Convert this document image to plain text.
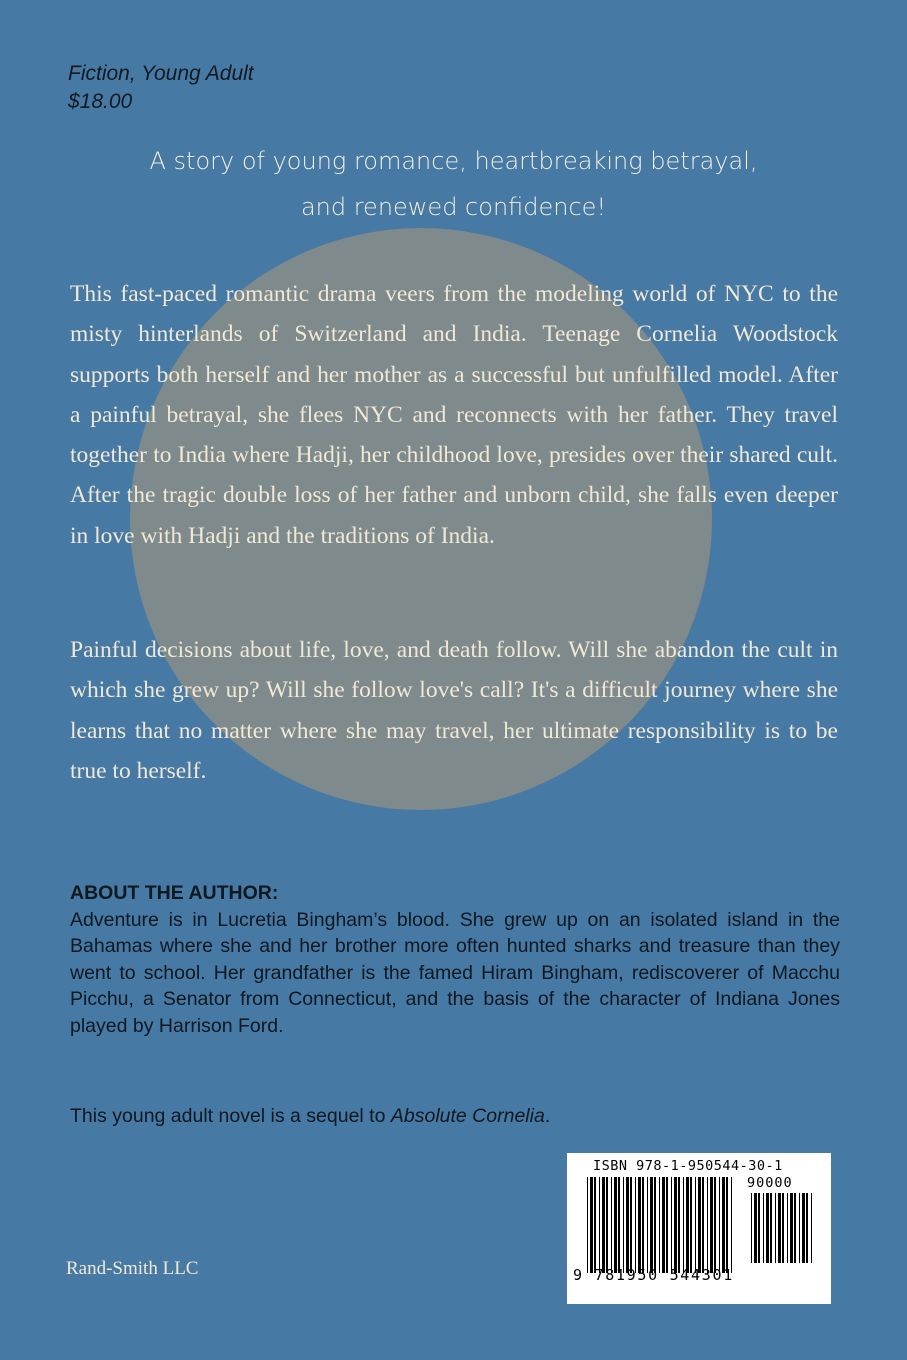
Fiction, Young Adult
$18.00
A story of young romance, heartbreaking betrayal,
and renewed confidence!

This fast-paced romantic drama veers from the modeling world of NYC to the misty hinterlands of Switzerland and India. Teenage Cornelia Woodstock supports both herself and her mother as a successful but unfulfilled model. After a painful betrayal, she flees NYC and reconnects with her father. They travel together to India where Hadji, her childhood love, presides over their shared cult. After the tragic double loss of her father and unborn child, she falls even deeper in love with Hadji and the traditions of India.

Painful decisions about life, love, and death follow. Will she abandon the cult in which she grew up? Will she follow love's call? It's a difficult journey where she learns that no matter where she may travel, her ultimate responsibility is to be true to herself.

ABOUT THE AUTHOR:
Adventure is in Lucretia Bingham’s blood. She grew up on an isolated island in the Bahamas where she and her brother more often hunted sharks and treasure than they went to school. Her grandfather is the famed Hiram Bingham, rediscoverer of Macchu Picchu, a Senator from Connecticut, and the basis of the character of Indiana Jones played by Harrison Ford.
This young adult novel is a sequel to Absolute Cornelia.
Rand-Smith LLC
ISBN 978-1-950544-30-1
90000
9 781950 544301
